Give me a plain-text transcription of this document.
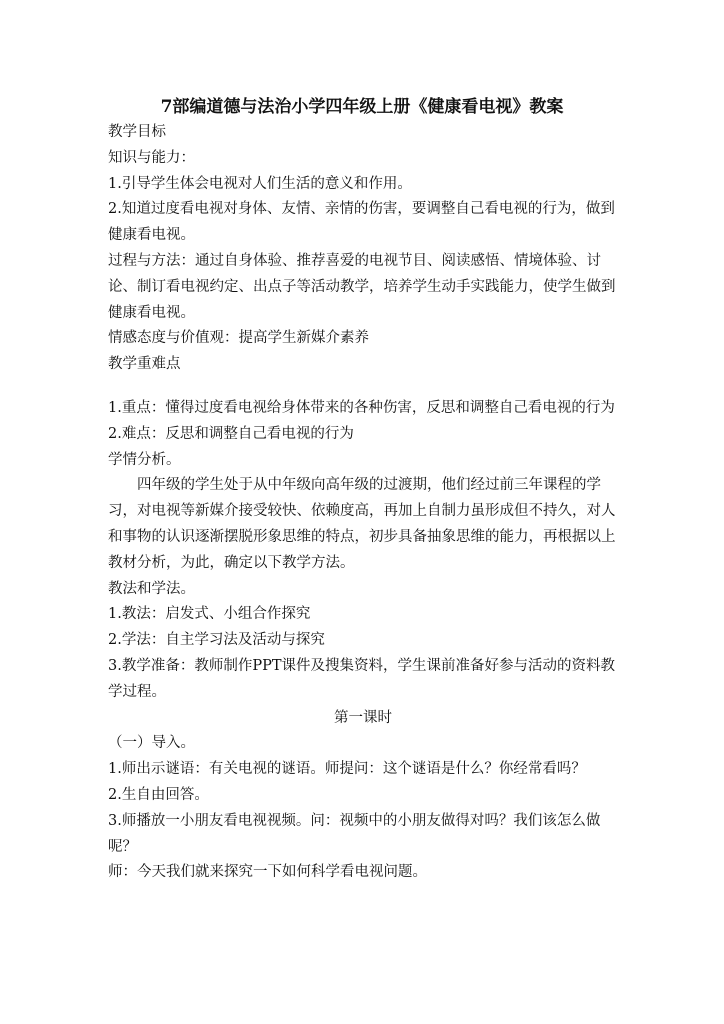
7部编道德与法治小学四年级上册《健康看电视》教案

教学目标

知识与能力：

1.引导学生体会电视对人们生活的意义和作用。

2.知道过度看电视对身体、友情、亲情的伤害，要调整自己看电视的行为，做到健康看电视。

过程与方法：通过自身体验、推荐喜爱的电视节目、阅读感悟、情境体验、讨论、制订看电视约定、出点子等活动教学，培养学生动手实践能力，使学生做到健康看电视。

情感态度与价值观：提高学生新媒介素养

教学重难点

1.重点：懂得过度看电视给身体带来的各种伤害，反思和调整自己看电视的行为

2.难点：反思和调整自己看电视的行为

学情分析。

四年级的学生处于从中年级向高年级的过渡期，他们经过前三年课程的学习，对电视等新媒介接受较快、依赖度高，再加上自制力虽形成但不持久，对人和事物的认识逐渐摆脱形象思维的特点，初步具备抽象思维的能力，再根据以上教材分析，为此，确定以下教学方法。

教法和学法。

1.教法：启发式、小组合作探究

2.学法：自主学习法及活动与探究

3.教学准备：教师制作PPT课件及搜集资料，学生课前准备好参与活动的资料教学过程。

第一课时

（一）导入。

1.师出示谜语：有关电视的谜语。师提问：这个谜语是什么？你经常看吗？

2.生自由回答。

3.师播放一小朋友看电视视频。问：视频中的小朋友做得对吗？我们该怎么做呢？

师：今天我们就来探究一下如何科学看电视问题。
